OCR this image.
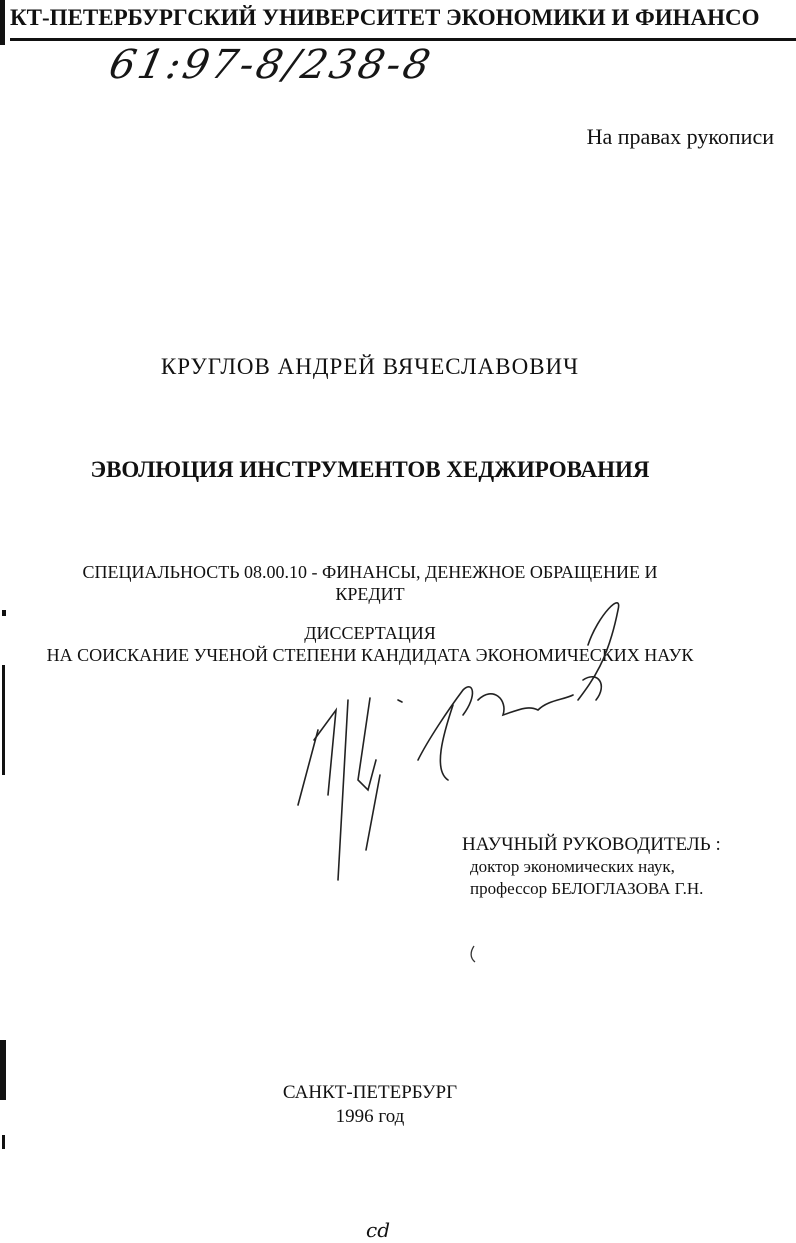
КТ-ПЕТЕРБУРГСКИЙ УНИВЕРСИТЕТ ЭКОНОМИКИ И ФИНАНСО
61:97-8/238-8
На правах рукописи
КРУГЛОВ АНДРЕЙ ВЯЧЕСЛАВОВИЧ
ЭВОЛЮЦИЯ ИНСТРУМЕНТОВ ХЕДЖИРОВАНИЯ
СПЕЦИАЛЬНОСТЬ 08.00.10 - ФИНАНСЫ, ДЕНЕЖНОЕ ОБРАЩЕНИЕ И
КРЕДИТ
ДИССЕРТАЦИЯ
НА СОИСКАНИЕ УЧЕНОЙ СТЕПЕНИ КАНДИДАТА ЭКОНОМИЧЕСКИХ НАУК
НАУЧНЫЙ РУКОВОДИТЕЛЬ :
доктор экономических наук,
профессор БЕЛОГЛАЗОВА Г.Н.
САНКТ-ПЕТЕРБУРГ
1996 год
cd
